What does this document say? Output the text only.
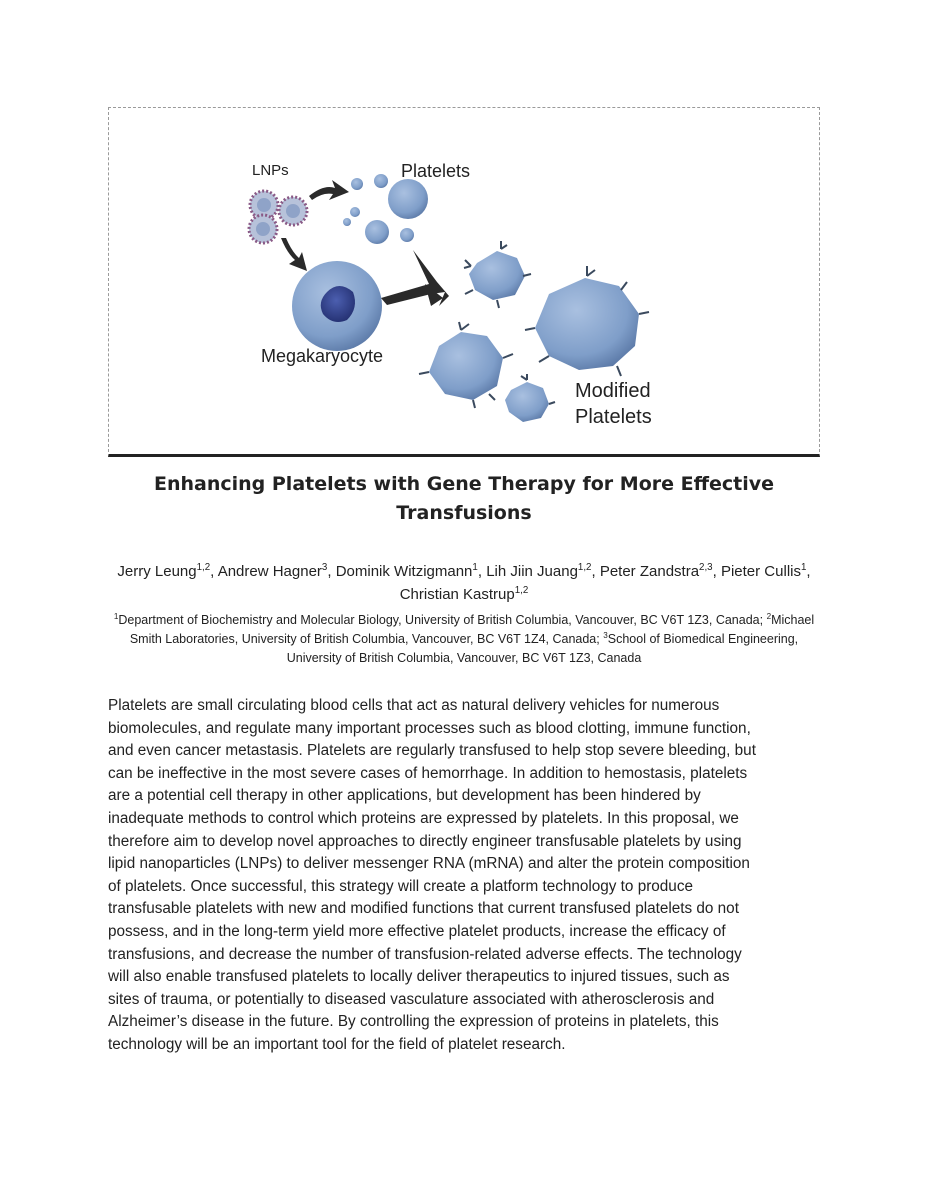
LNPs	Platelets
Megakaryocyte
Modified
Platelets
Enhancing Platelets with Gene Therapy for More Effective
Transfusions
Jerry Leung$^{1,2}$, Andrew Hagner$^3$, Dominik Witzigmann$^1$, Lih Jiin Juang$^{1,2}$, Peter Zandstra$^{2,3}$, Pieter Cullis$^1$, Christian Kastrup$^{1,2}$
$^1$Department of Biochemistry and Molecular Biology, University of British Columbia, Vancouver, BC V6T 1Z3, Canada; $^2$Michael Smith Laboratories, University of British Columbia, Vancouver, BC V6T 1Z4, Canada; $^3$School of Biomedical Engineering, University of British Columbia, Vancouver, BC V6T 1Z3, Canada
Platelets are small circulating blood cells that act as natural delivery vehicles for numerous
biomolecules, and regulate many important processes such as blood clotting, immune function,
and even cancer metastasis. Platelets are regularly transfused to help stop severe bleeding, but
can be ineffective in the most severe cases of hemorrhage. In addition to hemostasis, platelets
are a potential cell therapy in other applications, but development has been hindered by
inadequate methods to control which proteins are expressed by platelets. In this proposal, we
therefore aim to develop novel approaches to directly engineer transfusable platelets by using
lipid nanoparticles (LNPs) to deliver messenger RNA (mRNA) and alter the protein composition
of platelets. Once successful, this strategy will create a platform technology to produce
transfusable platelets with new and modified functions that current transfused platelets do not
possess, and in the long-term yield more effective platelet products, increase the efficacy of
transfusions, and decrease the number of transfusion-related adverse effects. The technology
will also enable transfused platelets to locally deliver therapeutics to injured tissues, such as
sites of trauma, or potentially to diseased vasculature associated with atherosclerosis and
Alzheimer’s disease in the future. By controlling the expression of proteins in platelets, this
technology will be an important tool for the field of platelet research.
